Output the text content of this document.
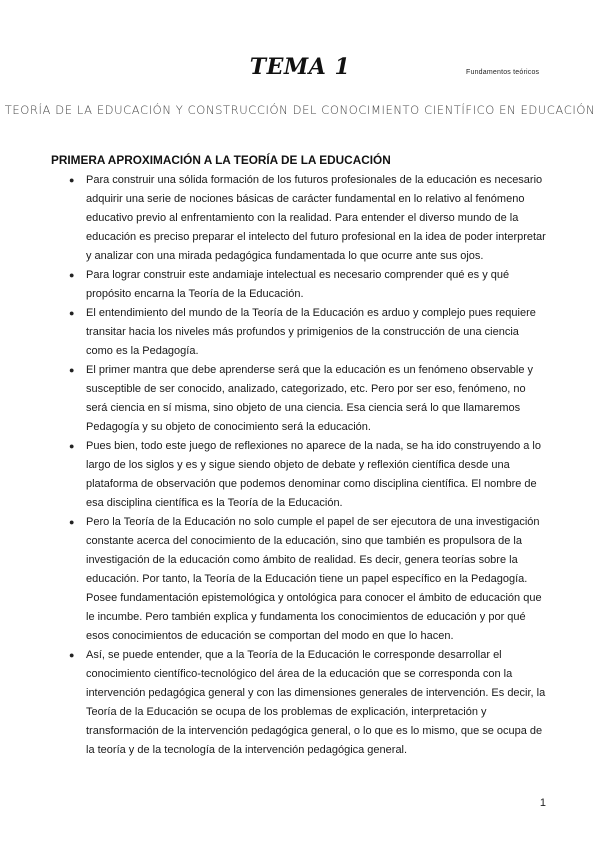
TEMA 1	Fundamentos teóricos
TEORÍA DE LA EDUCACIÓN Y CONSTRUCCIÓN DEL CONOCIMIENTO CIENTÍFICO EN EDUCACIÓN
PRIMERA APROXIMACIÓN A LA TEORÍA DE LA EDUCACIÓN
● Para construir una sólida formación de los futuros profesionales de la educación es necesario adquirir una serie de nociones básicas de carácter fundamental en lo relativo al fenómeno educativo previo al enfrentamiento con la realidad. Para entender el diverso mundo de la educación es preciso preparar el intelecto del futuro profesional en la idea de poder interpretar y analizar con una mirada pedagógica fundamentada lo que ocurre ante sus ojos.
● Para lograr construir este andamiaje intelectual es necesario comprender qué es y qué propósito encarna la Teoría de la Educación.
● El entendimiento del mundo de la Teoría de la Educación es arduo y complejo pues requiere transitar hacia los niveles más profundos y primigenios de la construcción de una ciencia como es la Pedagogía.
● El primer mantra que debe aprenderse será que la educación es un fenómeno observable y susceptible de ser conocido, analizado, categorizado, etc. Pero por ser eso, fenómeno, no será ciencia en sí misma, sino objeto de una ciencia. Esa ciencia será lo que llamaremos Pedagogía y su objeto de conocimiento será la educación.
● Pues bien, todo este juego de reflexiones no aparece de la nada, se ha ido construyendo a lo largo de los siglos y es y sigue siendo objeto de debate y reflexión científica desde una plataforma de observación que podemos denominar como disciplina científica. El nombre de esa disciplina científica es la Teoría de la Educación.
● Pero la Teoría de la Educación no solo cumple el papel de ser ejecutora de una investigación constante acerca del conocimiento de la educación, sino que también es propulsora de la investigación de la educación como ámbito de realidad. Es decir, genera teorías sobre la educación. Por tanto, la Teoría de la Educación tiene un papel específico en la Pedagogía. Posee fundamentación epistemológica y ontológica para conocer el ámbito de educación que le incumbe. Pero también explica y fundamenta los conocimientos de educación y por qué esos conocimientos de educación se comportan del modo en que lo hacen.
● Así, se puede entender, que a la Teoría de la Educación le corresponde desarrollar el conocimiento científico-tecnológico del área de la educación que se corresponda con la intervención pedagógica general y con las dimensiones generales de intervención. Es decir, la Teoría de la Educación se ocupa de los problemas de explicación, interpretación y transformación de la intervención pedagógica general, o lo que es lo mismo, que se ocupa de la teoría y de la tecnología de la intervención pedagógica general.
1
